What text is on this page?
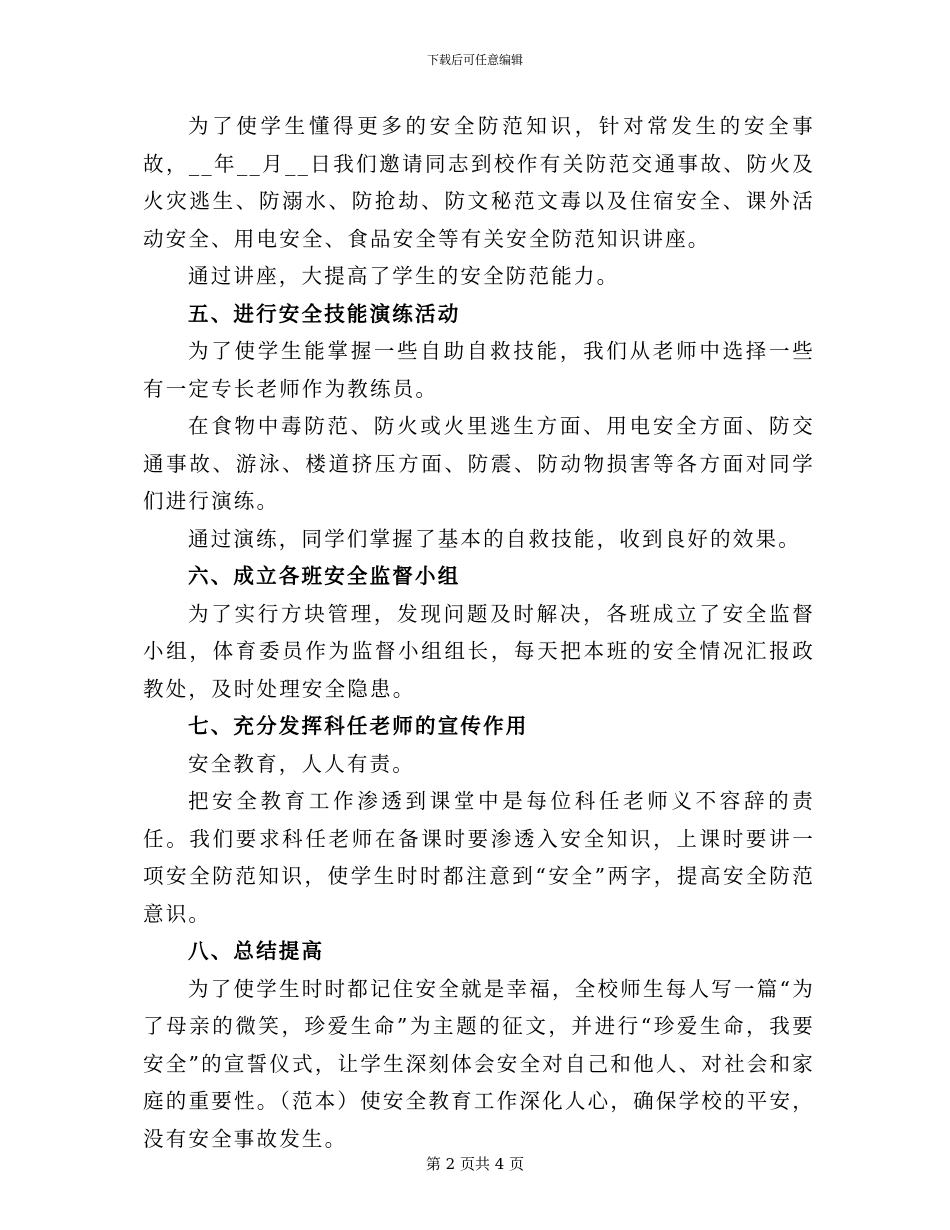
下载后可任意编辑

为了使学生懂得更多的安全防范知识，针对常发生的安全事故，__年__月__日我们邀请同志到校作有关防范交通事故、防火及火灾逃生、防溺水、防抢劫、防文秘范文毒以及住宿安全、课外活动安全、用电安全、食品安全等有关安全防范知识讲座。

通过讲座，大提高了学生的安全防范能力。

五、进行安全技能演练活动

为了使学生能掌握一些自助自救技能，我们从老师中选择一些有一定专长老师作为教练员。

在食物中毒防范、防火或火里逃生方面、用电安全方面、防交通事故、游泳、楼道挤压方面、防震、防动物损害等各方面对同学们进行演练。

通过演练，同学们掌握了基本的自救技能，收到良好的效果。

六、成立各班安全监督小组

为了实行方块管理，发现问题及时解决，各班成立了安全监督小组，体育委员作为监督小组组长，每天把本班的安全情况汇报政教处，及时处理安全隐患。

七、充分发挥科任老师的宣传作用

安全教育，人人有责。

把安全教育工作渗透到课堂中是每位科任老师义不容辞的责任。我们要求科任老师在备课时要渗透入安全知识，上课时要讲一项安全防范知识，使学生时时都注意到“安全”两字，提高安全防范意识。

八、总结提高

为了使学生时时都记住安全就是幸福，全校师生每人写一篇“为了母亲的微笑，珍爱生命”为主题的征文，并进行“珍爱生命，我要安全”的宣誓仪式，让学生深刻体会安全对自己和他人、对社会和家庭的重要性。（范本）使安全教育工作深化人心，确保学校的平安，没有安全事故发生。

第 2 页共 4 页
